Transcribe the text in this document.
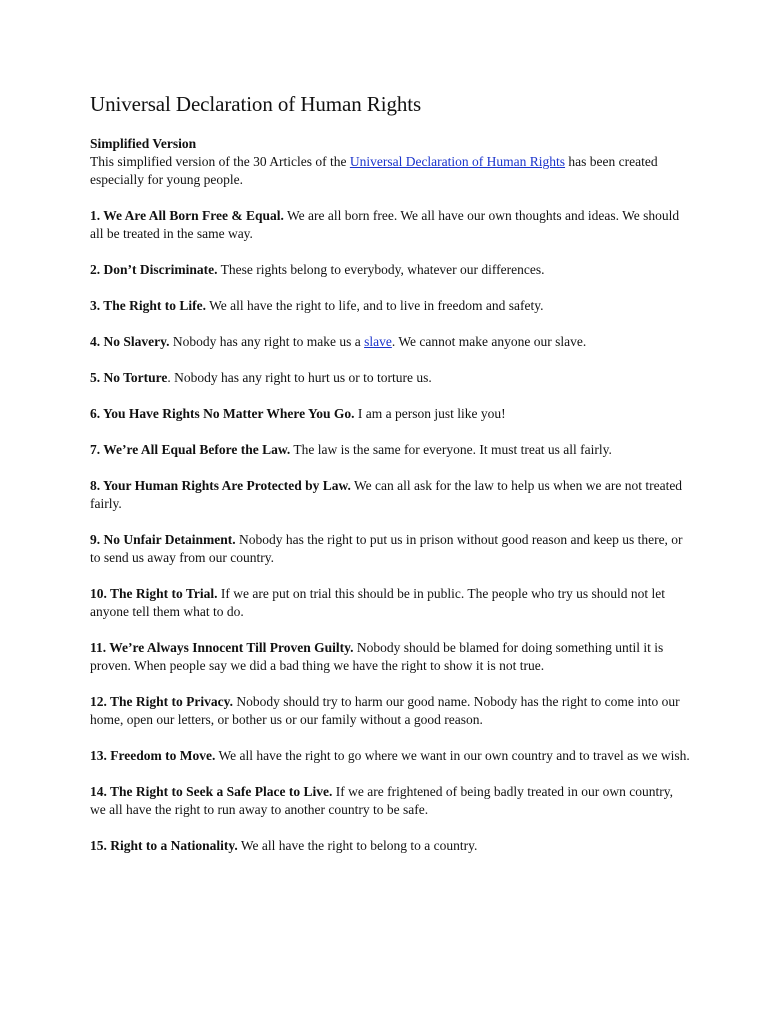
Universal Declaration of Human Rights

Simplified Version

This simplified version of the 30 Articles of the Universal Declaration of Human Rights has been created especially for young people.

1. We Are All Born Free & Equal. We are all born free. We all have our own thoughts and ideas. We should all be treated in the same way.

2. Don’t Discriminate. These rights belong to everybody, whatever our differences.

3. The Right to Life. We all have the right to life, and to live in freedom and safety.

4. No Slavery. Nobody has any right to make us a slave. We cannot make anyone our slave.

5. No Torture. Nobody has any right to hurt us or to torture us.

6. You Have Rights No Matter Where You Go. I am a person just like you!

7. We’re All Equal Before the Law. The law is the same for everyone. It must treat us all fairly.

8. Your Human Rights Are Protected by Law. We can all ask for the law to help us when we are not treated fairly.

9. No Unfair Detainment. Nobody has the right to put us in prison without good reason and keep us there, or to send us away from our country.

10. The Right to Trial. If we are put on trial this should be in public. The people who try us should not let anyone tell them what to do.

11. We’re Always Innocent Till Proven Guilty. Nobody should be blamed for doing something until it is proven. When people say we did a bad thing we have the right to show it is not true.

12. The Right to Privacy. Nobody should try to harm our good name. Nobody has the right to come into our home, open our letters, or bother us or our family without a good reason.

13. Freedom to Move. We all have the right to go where we want in our own country and to travel as we wish.

14. The Right to Seek a Safe Place to Live. If we are frightened of being badly treated in our own country, we all have the right to run away to another country to be safe.

15. Right to a Nationality. We all have the right to belong to a country.
